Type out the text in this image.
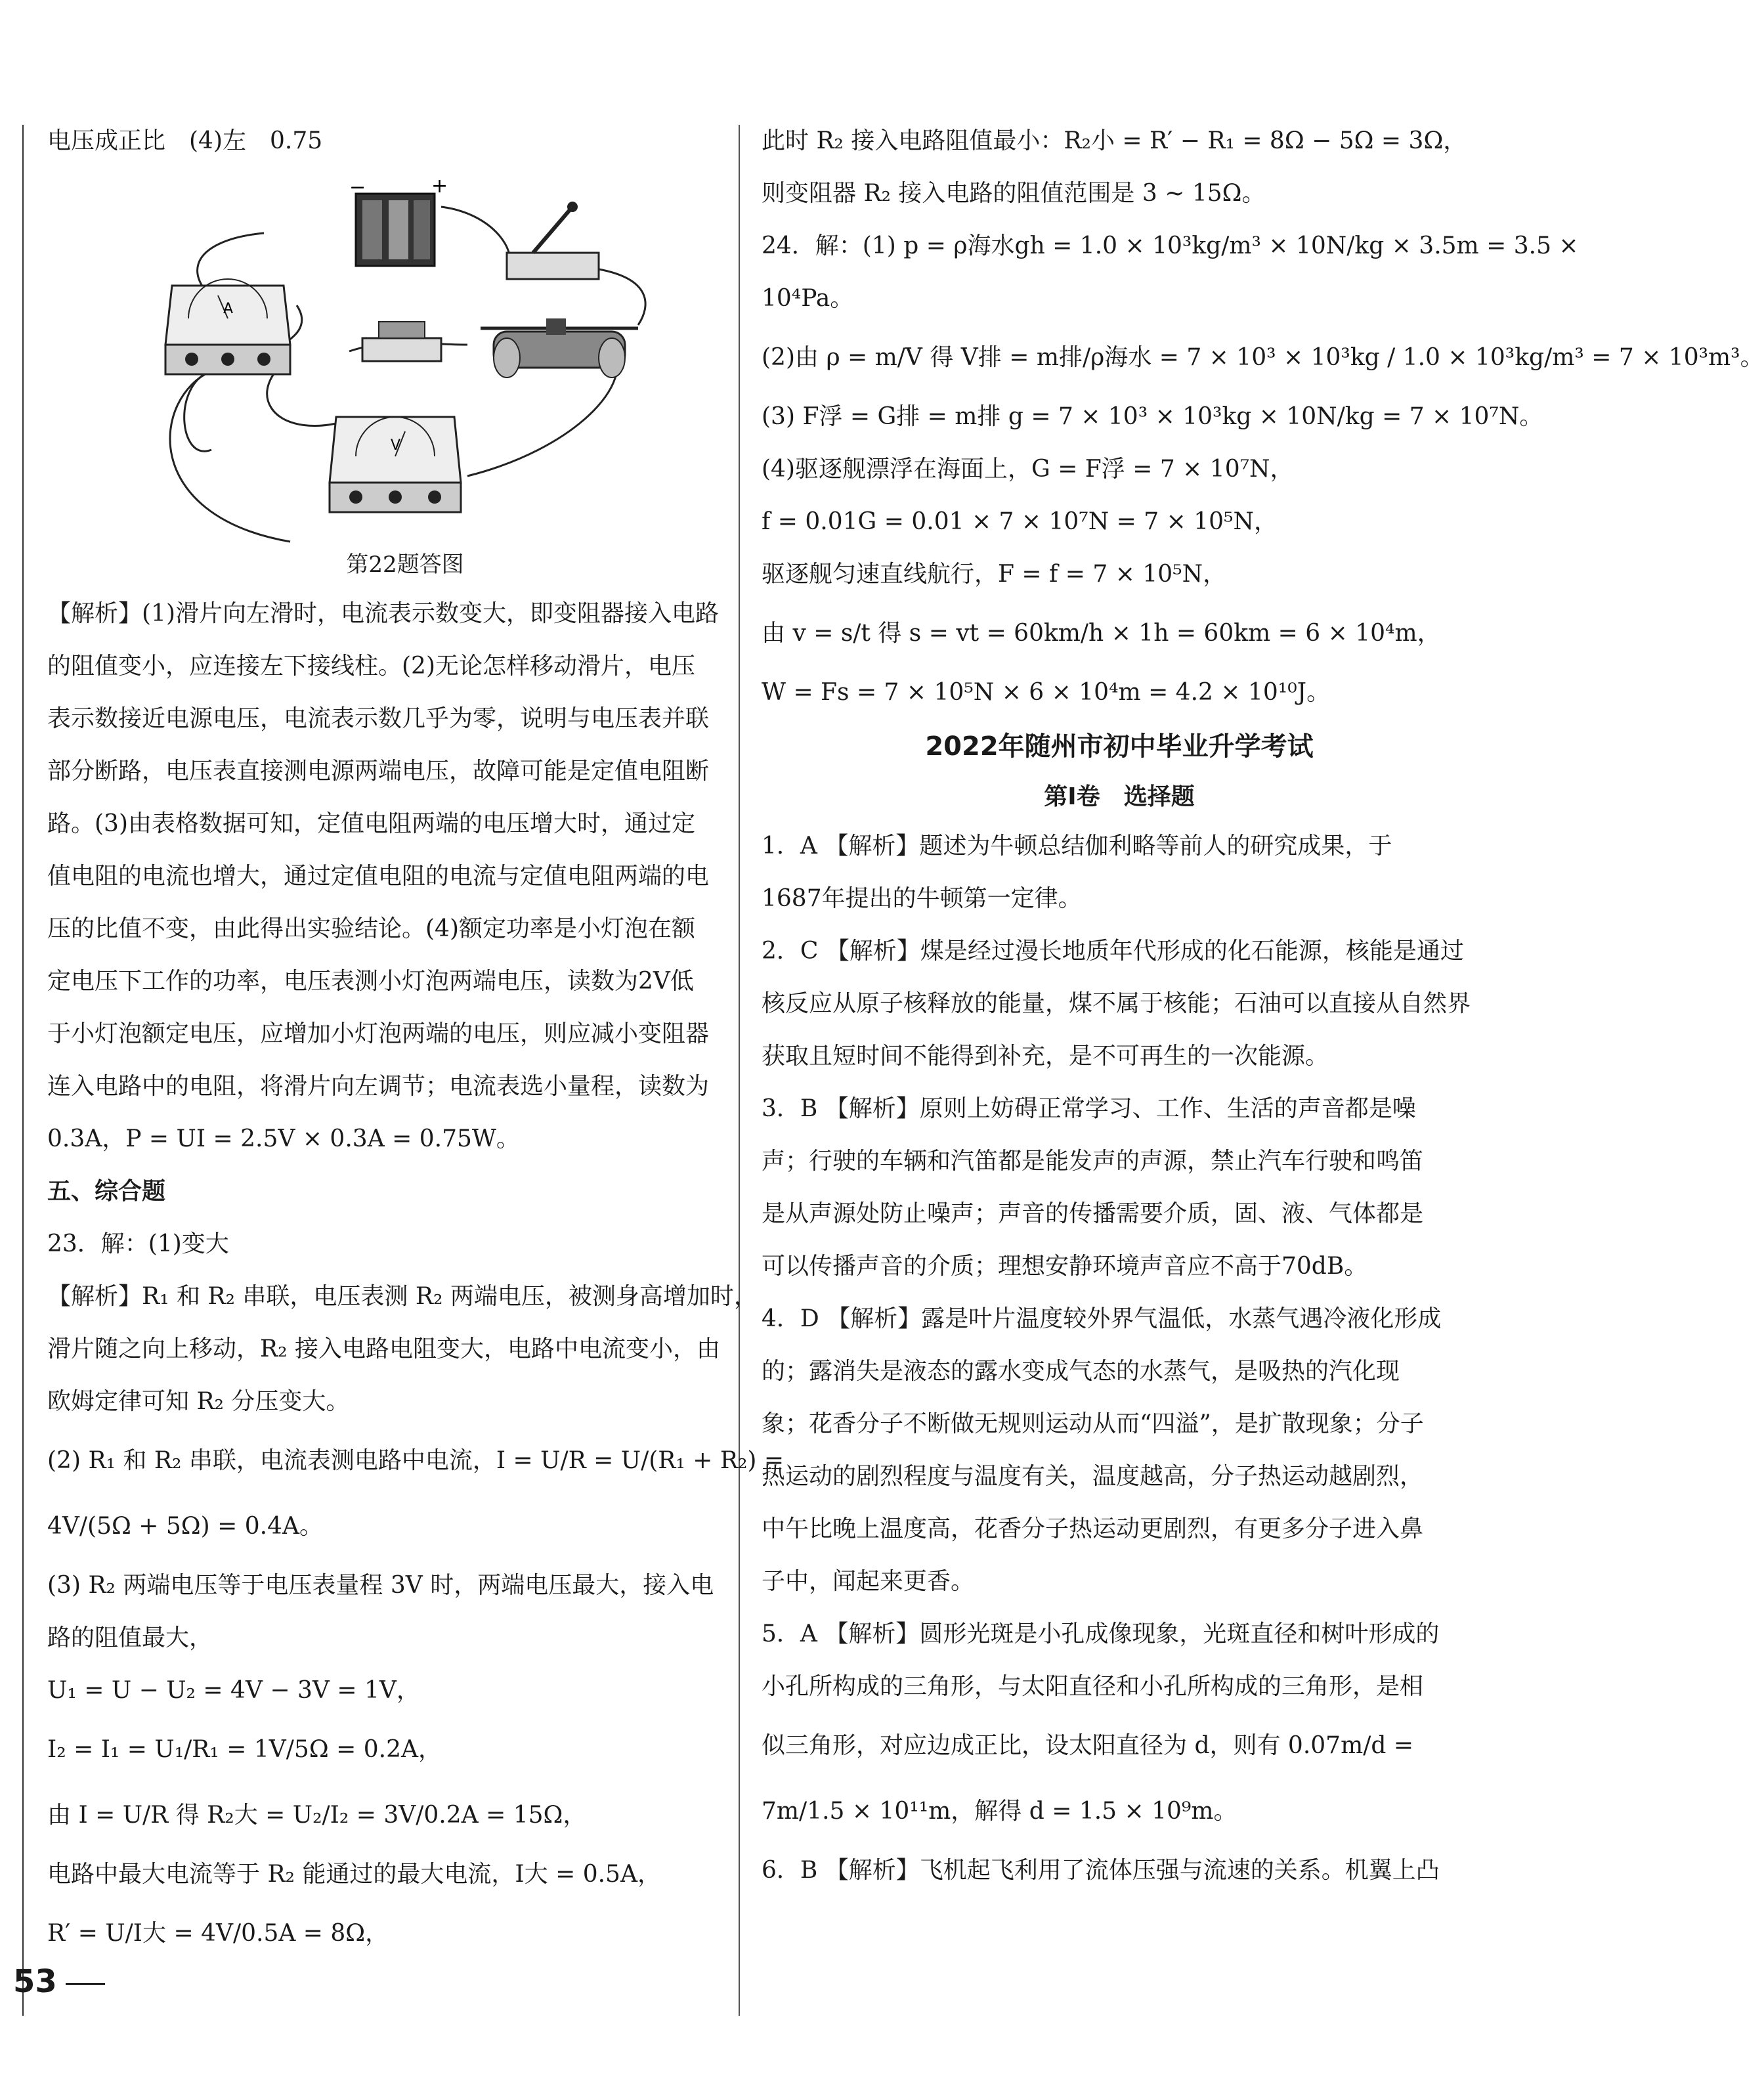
电压成正比　(4)左　0.75

−	+
A
V

第22题答图

【解析】(1)滑片向左滑时，电流表示数变大，即变阻器接入电路

的阻值变小，应连接左下接线柱。(2)无论怎样移动滑片，电压

表示数接近电源电压，电流表示数几乎为零，说明与电压表并联

部分断路，电压表直接测电源两端电压，故障可能是定值电阻断

路。(3)由表格数据可知，定值电阻两端的电压增大时，通过定

值电阻的电流也增大，通过定值电阻的电流与定值电阻两端的电

压的比值不变，由此得出实验结论。(4)额定功率是小灯泡在额

定电压下工作的功率，电压表测小灯泡两端电压，读数为2V低

于小灯泡额定电压，应增加小灯泡两端的电压，则应减小变阻器

连入电路中的电阻，将滑片向左调节；电流表选小量程，读数为

0.3A，P = UI = 2.5V × 0.3A = 0.75W。

五、综合题

23．解：(1)变大

【解析】R₁ 和 R₂ 串联，电压表测 R₂ 两端电压，被测身高增加时，

滑片随之向上移动，R₂ 接入电路电阻变大，电路中电流变小，由

欧姆定律可知 R₂ 分压变大。

(2) R₁ 和 R₂ 串联，电流表测电路中电流，I = U/R = U/(R₁ + R₂) =

4V/(5Ω + 5Ω) = 0.4A。

(3) R₂ 两端电压等于电压表量程 3V 时，两端电压最大，接入电

路的阻值最大，

U₁ = U − U₂ = 4V − 3V = 1V，

I₂ = I₁ = U₁/R₁ = 1V/5Ω = 0.2A，

由 I = U/R 得 R₂大 = U₂/I₂ = 3V/0.2A = 15Ω，

电路中最大电流等于 R₂ 能通过的最大电流，I大 = 0.5A，

R′ = U/I大 = 4V/0.5A = 8Ω，

此时 R₂ 接入电路阻值最小：R₂小 = R′ − R₁ = 8Ω − 5Ω = 3Ω，

则变阻器 R₂ 接入电路的阻值范围是 3 ~ 15Ω。

24．解：(1) p = ρ海水gh = 1.0 × 10³kg/m³ × 10N/kg × 3.5m = 3.5 ×

10⁴Pa。

(2)由 ρ = m/V 得 V排 = m排/ρ海水 = 7 × 10³ × 10³kg / 1.0 × 10³kg/m³ = 7 × 10³m³。

(3) F浮 = G排 = m排 g = 7 × 10³ × 10³kg × 10N/kg = 7 × 10⁷N。

(4)驱逐舰漂浮在海面上，G = F浮 = 7 × 10⁷N，

f = 0.01G = 0.01 × 7 × 10⁷N = 7 × 10⁵N，

驱逐舰匀速直线航行，F = f = 7 × 10⁵N，

由 v = s/t 得 s = vt = 60km/h × 1h = 60km = 6 × 10⁴m，

W = Fs = 7 × 10⁵N × 6 × 10⁴m = 4.2 × 10¹⁰J。

2022年随州市初中毕业升学考试

第Ⅰ卷　选择题

1．A 【解析】题述为牛顿总结伽利略等前人的研究成果，于

1687年提出的牛顿第一定律。

2．C 【解析】煤是经过漫长地质年代形成的化石能源，核能是通过

核反应从原子核释放的能量，煤不属于核能；石油可以直接从自然界

获取且短时间不能得到补充，是不可再生的一次能源。

3．B 【解析】原则上妨碍正常学习、工作、生活的声音都是噪

声；行驶的车辆和汽笛都是能发声的声源，禁止汽车行驶和鸣笛

是从声源处防止噪声；声音的传播需要介质，固、液、气体都是

可以传播声音的介质；理想安静环境声音应不高于70dB。

4．D 【解析】露是叶片温度较外界气温低，水蒸气遇冷液化形成

的；露消失是液态的露水变成气态的水蒸气，是吸热的汽化现

象；花香分子不断做无规则运动从而“四溢”，是扩散现象；分子

热运动的剧烈程度与温度有关，温度越高，分子热运动越剧烈，

中午比晚上温度高，花香分子热运动更剧烈，有更多分子进入鼻

子中，闻起来更香。

5．A 【解析】圆形光斑是小孔成像现象，光斑直径和树叶形成的

小孔所构成的三角形，与太阳直径和小孔所构成的三角形，是相

似三角形，对应边成正比，设太阳直径为 d，则有 0.07m/d =

7m/1.5 × 10¹¹m，解得 d = 1.5 × 10⁹m。

6．B 【解析】飞机起飞利用了流体压强与流速的关系。机翼上凸

53
